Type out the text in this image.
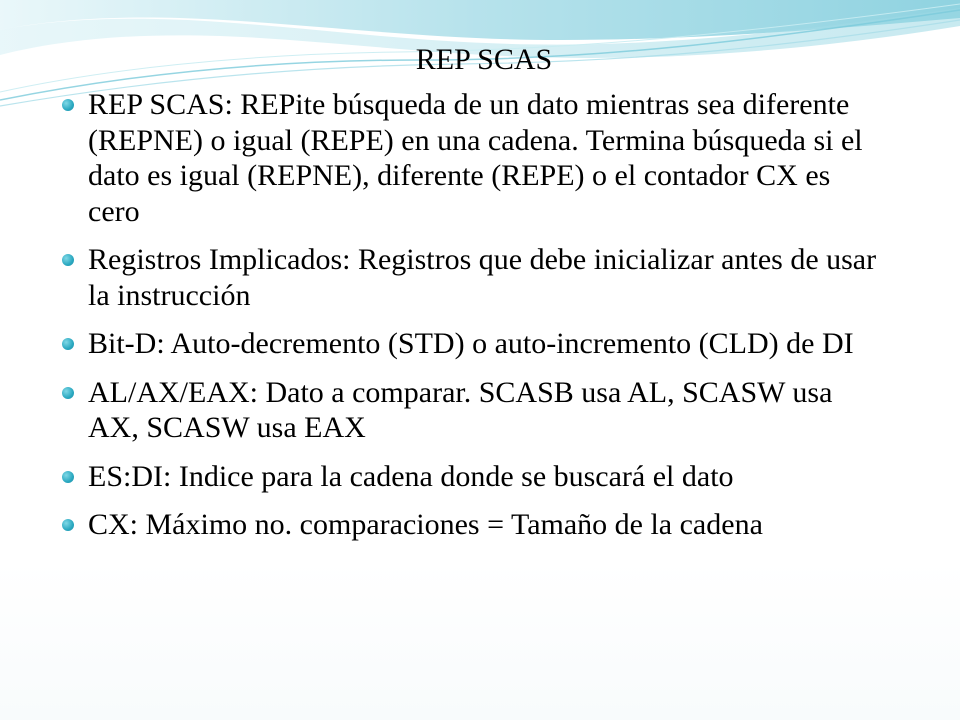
REP SCAS
REP SCAS: REPite búsqueda de un dato mientras sea diferente (REPNE) o igual (REPE) en una cadena. Termina búsqueda si el dato es igual (REPNE), diferente (REPE) o el contador CX es cero
Registros Implicados: Registros que debe inicializar antes de usar la instrucción
Bit-D: Auto-decremento (STD) o auto-incremento (CLD) de DI
AL/AX/EAX: Dato a comparar. SCASB usa AL, SCASW usa AX, SCASW usa EAX
ES:DI: Indice para la cadena donde se buscará el dato
CX: Máximo no. comparaciones = Tamaño de la cadena
